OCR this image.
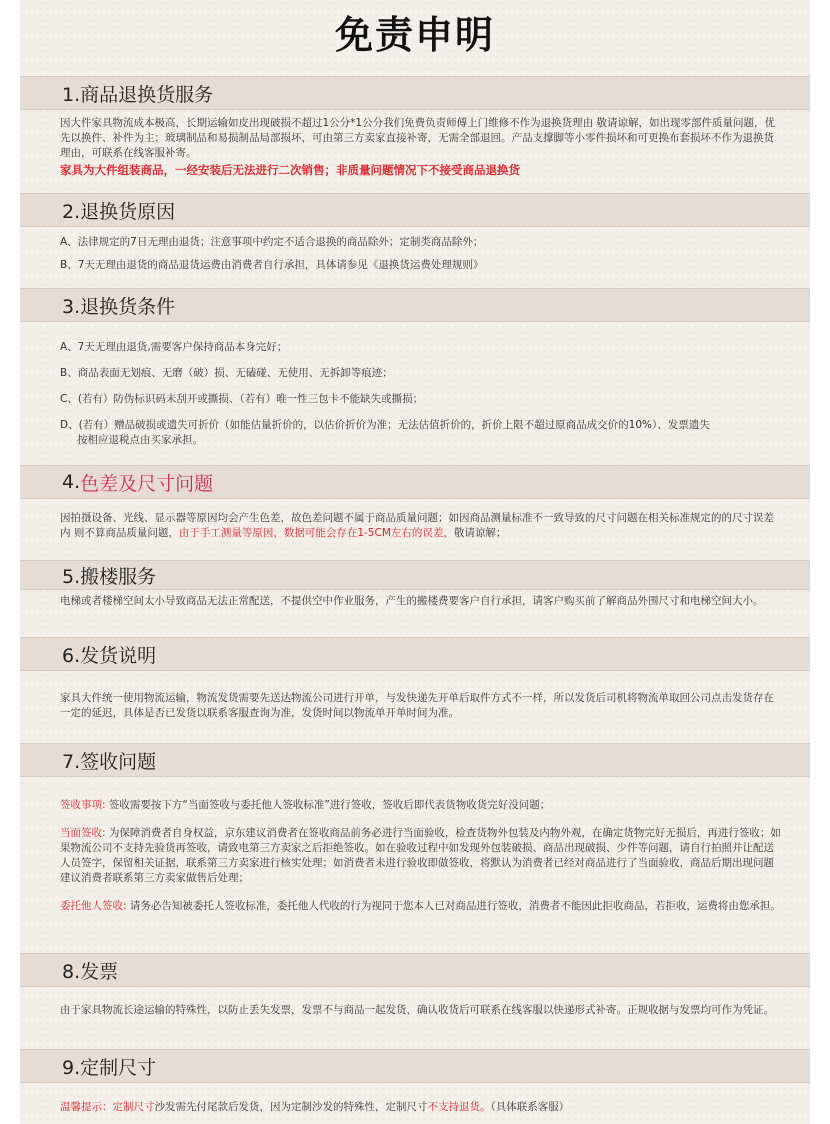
免责申明
1.商品退换货服务

因大件家具物流成本极高，长期运输如皮出现破损不超过1公分*1公分我们免费负责师傅上门维修不作为退换货理由 敬请谅解，如出现零部件质量问题，优先以换件、补件为主；玻璃制品和易损制品局部损坏，可由第三方卖家直接补寄，无需全部退回。产品支撑脚等小零件损坏和可更换布套损坏不作为退换货理由，可联系在线客服补寄。

家具为大件组装商品，一经安装后无法进行二次销售；非质量问题情况下不接受商品退换货

2.退换货原因

A、法律规定的7日无理由退货；注意事项中约定不适合退换的商品除外；定制类商品除外；

B、7天无理由退货的商品退货运费由消费者自行承担，具体请参见《退换货运费处理规则》

3.退换货条件

A、7天无理由退货,需要客户保持商品本身完好；

B、商品表面无划痕、无磨（破）损、无磕碰、无使用、无拆卸等痕迹；

C、(若有）防伪标识码未刮开或撕损、（若有）唯一性三包卡不能缺失或撕损；

D、(若有）赠品破损或遗失可折价（如能估量折价的，以估价折价为准；无法估值折价的，折价上限不超过原商品成交价的10%）、发票遗失

按相应退税点由买家承担。

4. 色差及尺寸问题

因拍摄设备、光线、显示器等原因均会产生色差，故色差问题不属于商品质量问题；如因商品测量标准不一致导致的尺寸问题在相关标准规定的的尺寸误差内 则不算商品质量问题，由于手工测量等原因，数据可能会存在1-5CM左右的误差，敬请谅解；

5.搬楼服务

电梯或者楼梯空间太小导致商品无法正常配送，不提供空中作业服务，产生的搬楼费要客户自行承担，请客户购买前了解商品外围尺寸和电梯空间大小。

6.发货说明

家具大件统一使用物流运输，物流发货需要先送达物流公司进行开单，与发快递先开单后取件方式不一样，所以发货后司机将物流单取回公司点击发货存在一定的延迟，具体是否已发货以联系客服查询为准，发货时间以物流单开单时间为准。

7.签收问题

签收事项: 签收需要按下方“当面签收与委托他人签收标准”进行签收，签收后即代表货物收货完好没问题；

当面签收: 为保障消费者自身权益，京东建议消费者在签收商品前务必进行当面验收，检查货物外包装及内物外观，在确定货物完好无损后，再进行签收；如果物流公司不支持先验货再签收，请致电第三方卖家之后拒绝签收。如在验收过程中如发现外包装破损、商品出现破损、少件等问题，请自行拍照并让配送人员签字，保留相关证据，联系第三方卖家进行核实处理；如消费者未进行验收即做签收，将默认为消费者已经对商品进行了当面验收，商品后期出现问题建议消费者联系第三方卖家做售后处理；

委托他人签收: 请务必告知被委托人签收标准，委托他人代收的行为视同于您本人已对商品进行签收，消费者不能因此拒收商品，若拒收，运费将由您承担。

8.发票

由于家具物流长途运输的特殊性，以防止丢失发票，发票不与商品一起发货，确认收货后可联系在线客服以快递形式补寄。正规收据与发票均可作为凭证。

9.定制尺寸

温馨提示：定制尺寸沙发需先付尾款后发货，因为定制沙发的特殊性，定制尺寸不支持退货。（具体联系客服）
